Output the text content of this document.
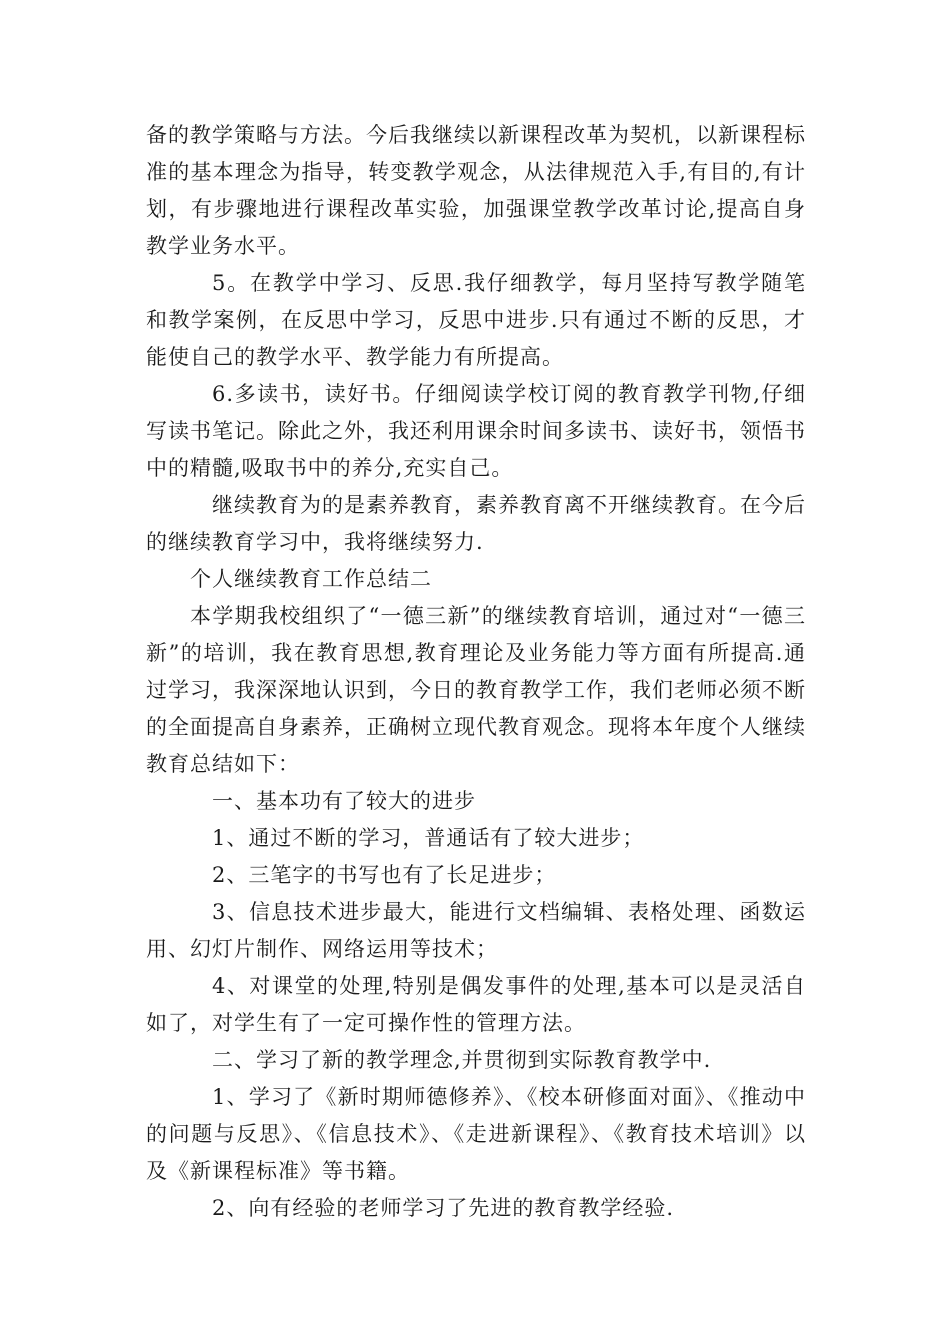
备的教学策略与方法。今后我继续以新课程改革为契机，以新课程标准的基本理念为指导，转变教学观念，从法律规范入手,有目的,有计划，有步骤地进行课程改革实验，加强课堂教学改革讨论,提高自身教学业务水平。

5。在教学中学习、反思.我仔细教学，每月坚持写教学随笔和教学案例，在反思中学习，反思中进步.只有通过不断的反思，才能使自己的教学水平、教学能力有所提高。

6.多读书，读好书。仔细阅读学校订阅的教育教学刊物,仔细写读书笔记。除此之外，我还利用课余时间多读书、读好书，领悟书中的精髓,吸取书中的养分,充实自己。

继续教育为的是素养教育，素养教育离不开继续教育。在今后的继续教育学习中，我将继续努力.

个人继续教育工作总结二

本学期我校组织了“一德三新”的继续教育培训，通过对“一德三新”的培训，我在教育思想,教育理论及业务能力等方面有所提高.通过学习，我深深地认识到，今日的教育教学工作，我们老师必须不断的全面提高自身素养，正确树立现代教育观念。现将本年度个人继续教育总结如下：

一、基本功有了较大的进步

1、通过不断的学习，普通话有了较大进步；

2、三笔字的书写也有了长足进步；

3、信息技术进步最大，能进行文档编辑、表格处理、函数运用、幻灯片制作、网络运用等技术；

4、对课堂的处理,特别是偶发事件的处理,基本可以是灵活自如了，对学生有了一定可操作性的管理方法。

二、学习了新的教学理念,并贯彻到实际教育教学中.

1、学习了《新时期师德修养》、《校本研修面对面》、《推动中的问题与反思》、《信息技术》、《走进新课程》、《教育技术培训》以及《新课程标准》等书籍。

2、向有经验的老师学习了先进的教育教学经验.
